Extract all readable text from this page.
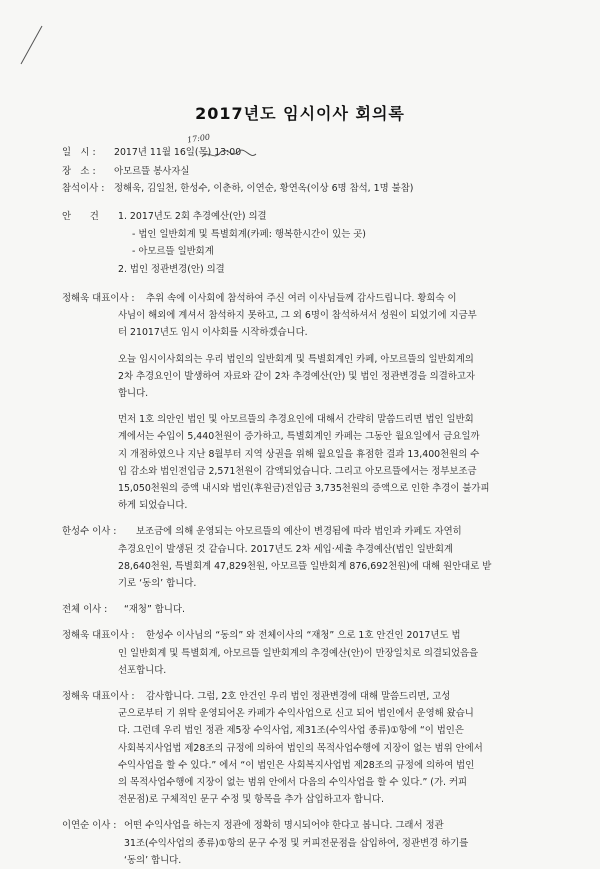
2017년도 임시이사 회의록
일　시 : 2017년 11월 16일(목) 13:00
17:00
장　소 : 아모르뜰 봉사자실
참석이사 : 정해욱, 김일천, 한성수, 이춘하, 이연순, 황연옥(이상 6명 참석, 1명 불참)
안　　건 1. 2017년도 2회 추경예산(안) 의결
- 법인 일반회계 및 특별회계(카페: 행복한시간이 있는 곳)
- 아모르뜰 일반회계
2. 법인 정관변경(안) 의결
정해욱 대표이사 : 추위 속에 이사회에 참석하여 주신 여러 이사님들께 감사드립니다. 황희숙 이
사님이 해외에 계셔서 참석하지 못하고, 그 외 6명이 참석하셔서 성원이 되었기에 지금부
터 21017년도 임시 이사회를 시작하겠습니다.
오늘 임시이사회의는 우리 법인의 일반회계 및 특별회계인 카페, 아모르뜰의 일반회계의
2차 추경요인이 발생하여 자료와 같이 2차 추경예산(안) 및 법인 정관변경을 의결하고자
합니다.
먼저 1호 의안인 법인 및 아모르뜰의 추경요인에 대해서 간략히 말씀드리면 법인 일반회
계에서는 수입이 5,440천원이 증가하고, 특별회계인 카페는 그동안 월요일에서 금요일까
지 개점하였으나 지난 8월부터 지역 상권을 위해 월요일을 휴점한 결과 13,400천원의 수
입 감소와 법인전입금 2,571천원이 감액되었습니다. 그리고 아모르뜰에서는 정부보조금
15,050천원의 증액 내시와 법인(후원금)전입금 3,735천원의 증액으로 인한 추경이 불가피
하게 되었습니다.
한성수 이사 : 보조금에 의해 운영되는 아모르뜰의 예산이 변경됨에 따라 법인과 카페도 자연히
추경요인이 발생된 것 같습니다. 2017년도 2차 세입·세출 추경예산(법인 일반회계
28,640천원, 특별회계 47,829천원, 아모르뜰 일반회계 876,692천원)에 대해 원안대로 받
기로 ‘동의’ 합니다.
전체 이사 : “재청” 합니다.
정해욱 대표이사 : 한성수 이사님의 “동의” 와 전체이사의 “재청” 으로 1호 안건인 2017년도 법
인 일반회계 및 특별회계, 아모르뜰 일반회계의 추경예산(안)이 만장일치로 의결되었음을
선포합니다.
정해욱 대표이사 : 감사합니다. 그럼, 2호 안건인 우리 법인 정관변경에 대해 말씀드리면, 고성
군으로부터 기 위탁 운영되어온 카페가 수익사업으로 신고 되어 법인에서 운영해 왔습니
다. 그런데 우리 법인 정관 제5장 수익사업, 제31조(수익사업 종류)①항에 “이 법인은
사회복지사업법 제28조의 규정에 의하여 법인의 목적사업수행에 지장이 없는 범위 안에서
수익사업을 할 수 있다.” 에서 “이 법인은 사회복지사업법 제28조의 규정에 의하여 법인
의 목적사업수행에 지장이 없는 범위 안에서 다음의 수익사업을 할 수 있다.” (가. 커피
전문점)로 구체적인 문구 수정 및 항목을 추가 삽입하고자 합니다.
이연순 이사 : 어떤 수익사업을 하는지 정관에 정확히 명시되어야 한다고 봅니다. 그래서 정관
31조(수익사업의 종류)①항의 문구 수정 및 커피전문점을 삽입하여, 정관변경 하기를
‘동의’ 합니다.
